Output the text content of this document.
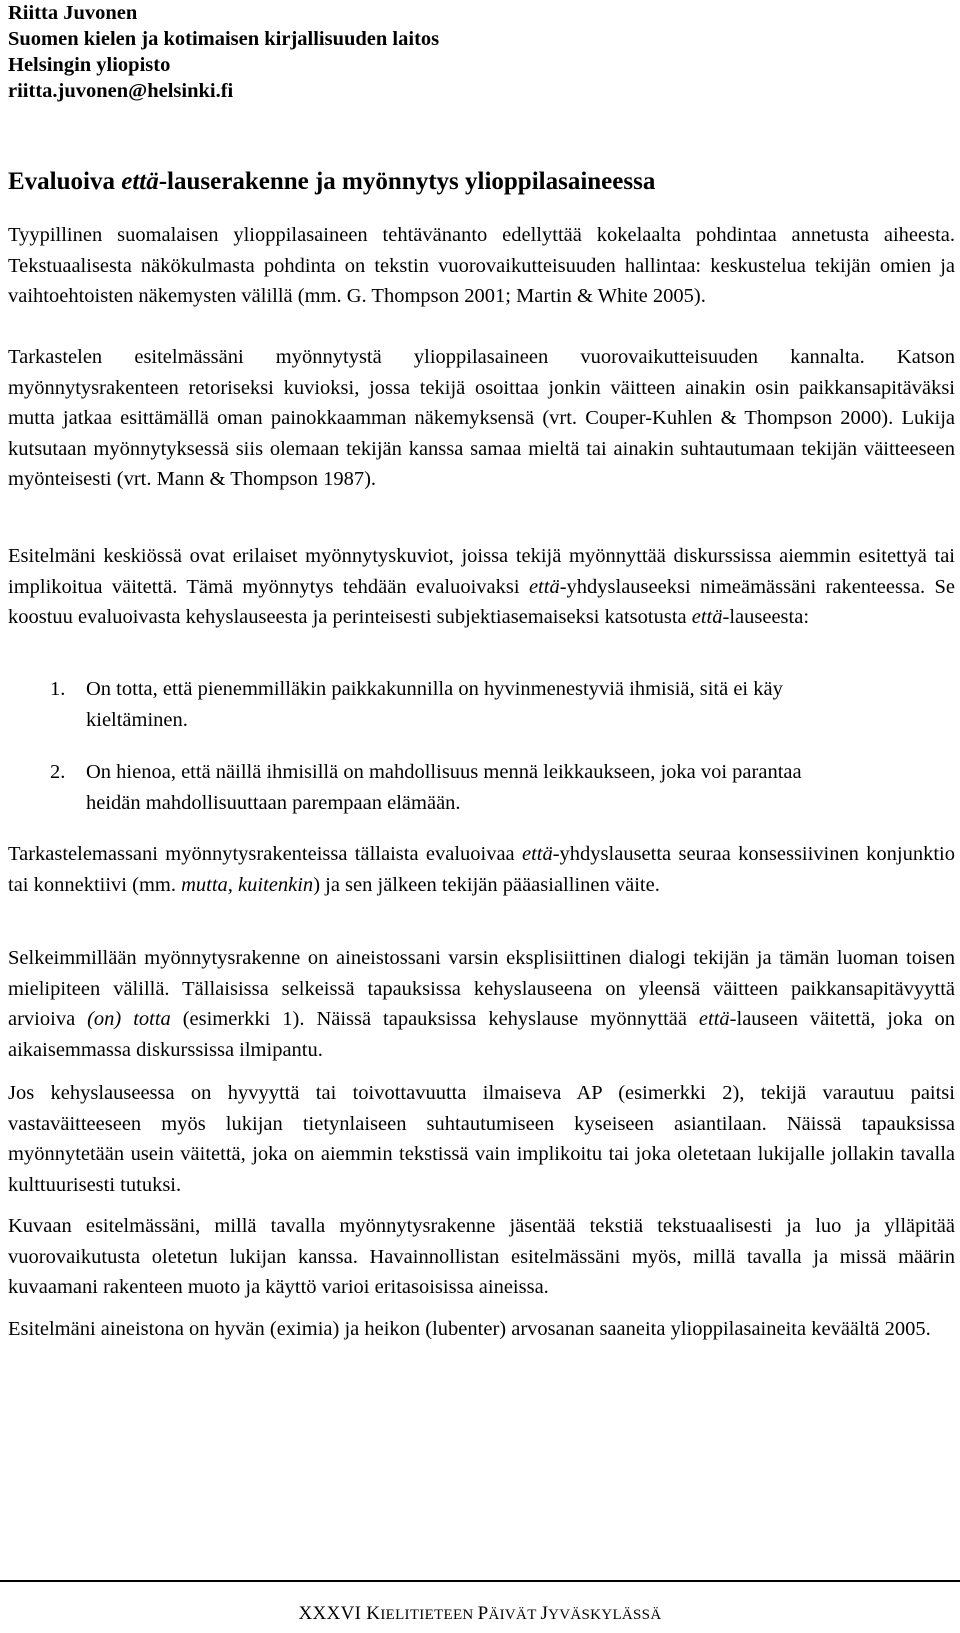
Riitta Juvonen
Suomen kielen ja kotimaisen kirjallisuuden laitos
Helsingin yliopisto
riitta.juvonen@helsinki.fi
Evaluoiva että-lauserakenne ja myönnytys ylioppilasaineessa
Tyypillinen suomalaisen ylioppilasaineen tehtävänanto edellyttää kokelaalta pohdintaa annetusta aiheesta. Tekstuaalisesta näkökulmasta pohdinta on tekstin vuorovaikutteisuuden hallintaa: keskustelua tekijän omien ja vaihtoehtoisten näkemysten välillä (mm. G. Thompson 2001; Martin & White 2005).
Tarkastelen esitelmässäni myönnytystä ylioppilasaineen vuorovaikutteisuuden kannalta. Katson myönnytysrakenteen retoriseksi kuvioksi, jossa tekijä osoittaa jonkin väitteen ainakin osin paikkansapitäväksi mutta jatkaa esittämällä oman painokkaamman näkemyksensä (vrt. Couper-Kuhlen & Thompson 2000). Lukija kutsutaan myönnytyksessä siis olemaan tekijän kanssa samaa mieltä tai ainakin suhtautumaan tekijän väitteeseen myönteisesti (vrt. Mann & Thompson 1987).
Esitelmäni keskiössä ovat erilaiset myönnytyskuviot, joissa tekijä myönnyttää diskurssissa aiemmin esitettyä tai implikoitua väitettä. Tämä myönnytys tehdään evaluoivaksi että-yhdyslauseeksi nimeämässäni rakenteessa. Se koostuu evaluoivasta kehyslauseesta ja perinteisesti subjektiasemaiseksi katsotusta että-lauseesta:
1. On totta, että pienemmilläkin paikkakunnilla on hyvinmenestyviä ihmisiä, sitä ei käy kieltäminen.
2. On hienoa, että näillä ihmisillä on mahdollisuus mennä leikkaukseen, joka voi parantaa heidän mahdollisuuttaan parempaan elämään.
Tarkastelemassani myönnytysrakenteissa tällaista evaluoivaa että-yhdyslausetta seuraa konsessiivinen konjunktio tai konnektiivi (mm. mutta, kuitenkin) ja sen jälkeen tekijän pääasiallinen väite.
Selkeimmillään myönnytysrakenne on aineistossani varsin eksplisiittinen dialogi tekijän ja tämän luoman toisen mielipiteen välillä. Tällaisissa selkeissä tapauksissa kehyslauseena on yleensä väitteen paikkansapitävyyttä arvioiva (on) totta (esimerkki 1). Näissä tapauksissa kehyslause myönnyttää että-lauseen väitettä, joka on aikaisemmassa diskurssissa ilmipantu.
Jos kehyslauseessa on hyvyyttä tai toivottavuutta ilmaiseva AP (esimerkki 2), tekijä varautuu paitsi vastaväitteeseen myös lukijan tietynlaiseen suhtautumiseen kyseiseen asiantilaan. Näissä tapauksissa myönnytetään usein väitettä, joka on aiemmin tekstissä vain implikoitu tai joka oletetaan lukijalle jollakin tavalla kulttuurisesti tutuksi.
Kuvaan esitelmässäni, millä tavalla myönnytysrakenne jäsentää tekstiä tekstuaalisesti ja luo ja ylläpitää vuorovaikutusta oletetun lukijan kanssa. Havainnollistan esitelmässäni myös, millä tavalla ja missä määrin kuvaamani rakenteen muoto ja käyttö varioi eritasoisissa aineissa.
Esitelmäni aineistona on hyvän (eximia) ja heikon (lubenter) arvosanan saaneita ylioppilasaineita keväältä 2005.
XXXVI KIELITIETEEN PÄIVÄT JYVÄSKYLÄSSÄ
